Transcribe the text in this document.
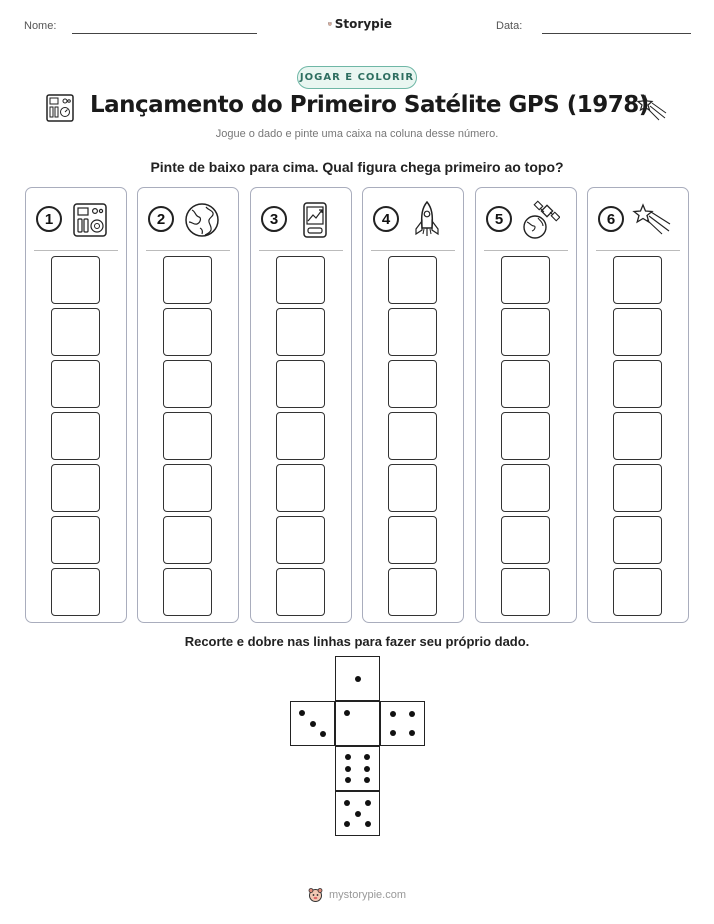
Nome:	Storypie	Data:
JOGAR E COLORIR
Lançamento do Primeiro Satélite GPS (1978)
Jogue o dado e pinte uma caixa na coluna desse número.
Pinte de baixo para cima. Qual figura chega primeiro ao topo?
1	2	3	4	5	6
Recorte e dobre nas linhas para fazer seu próprio dado.
mystorypie.com
